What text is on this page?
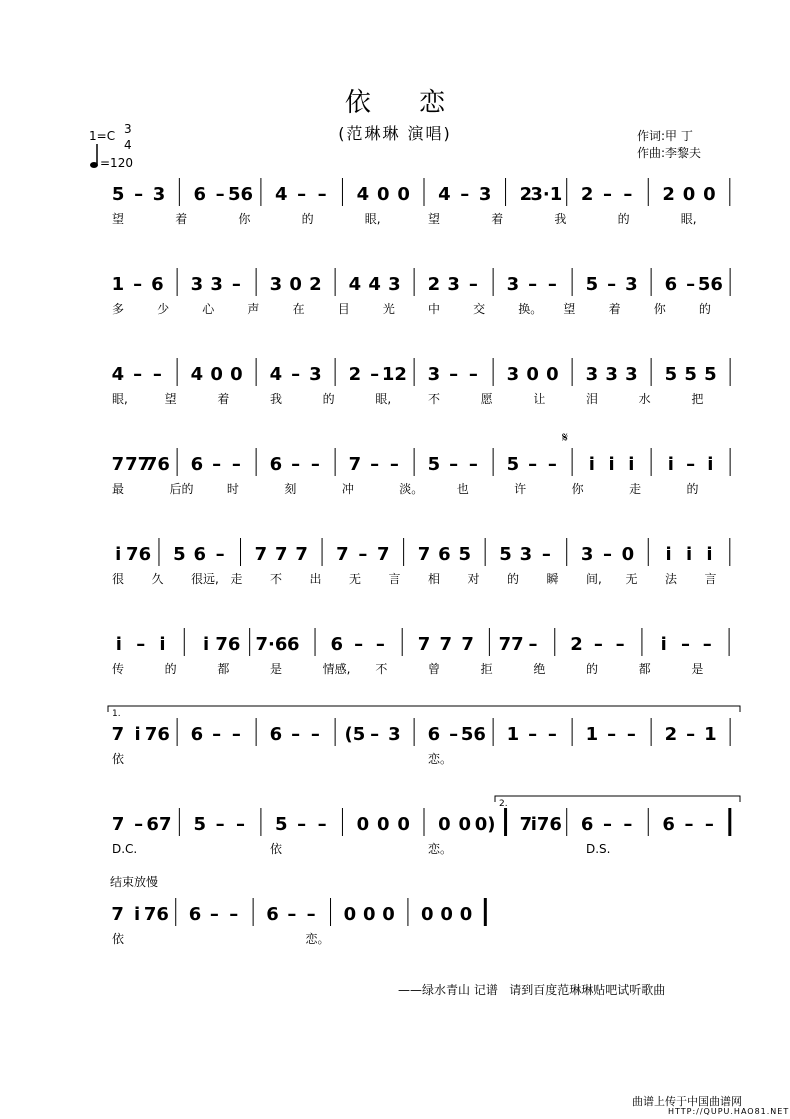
依 恋
(范琳琳 演唱)
1=C 3
4
=120
作词:甲 丁
作曲:李黎夫
5 – 3 6 – 56 4 – – 4 0 0 4 – 3 2
3·1 2 – – 2 0 0
望	着	你	的	眼,	望	着	我	的	眼,
1 – 6 3 3 – 3 0 2 4 4 3 2 3 – 3 – – 5 – 3 6 – 56
多	少	心	声	在	目	光	中	交	换。 望	着	你	的
4 – – 4 0 0 4 – 3 2 – 12 3 – – 3 0 0 3 3 3 5 5 5
眼,	望	着	我	的	眼,	不	愿	让	泪	水	把
7 77
76 6 – – 6 – – 7 – – 5 – – 5 – – i i i i – i
最	后的	时	刻	冲	淡。	也	许	你	走	的
𝄋
i 76 5 6 – 7 7 7 7 – 7 7 6 5 5 3 – 3 – 0 i i i
很 久 很远, 走 不 出 无 言 相 对 的 瞬 间, 无 法 言
i – i i 76 7·6 6 6 – – 7 7 7 77 – 2 – – i – –
传	的	都	是	情感, 不	曾	拒	绝	的	都	是
7 i 76 6 – – 6 – – (5 – 3 6 – 56 1 – – 1 – – 2 – 1
依	恋。
1.
7 – 67 5 – – 5 – – 0 0 0 0 0 0) 7
i76 6 – – 6 – –
D.C.	依	恋。	D.S.
2.
7 i 76 6 – – 6 – – 0 0 0 0 0 0
依	恋。
结束放慢
——绿水青山 记谱   请到百度范琳琳贴吧试听歌曲
曲谱上传于中国曲谱网
HTTP://QUPU.HAO81.NET
